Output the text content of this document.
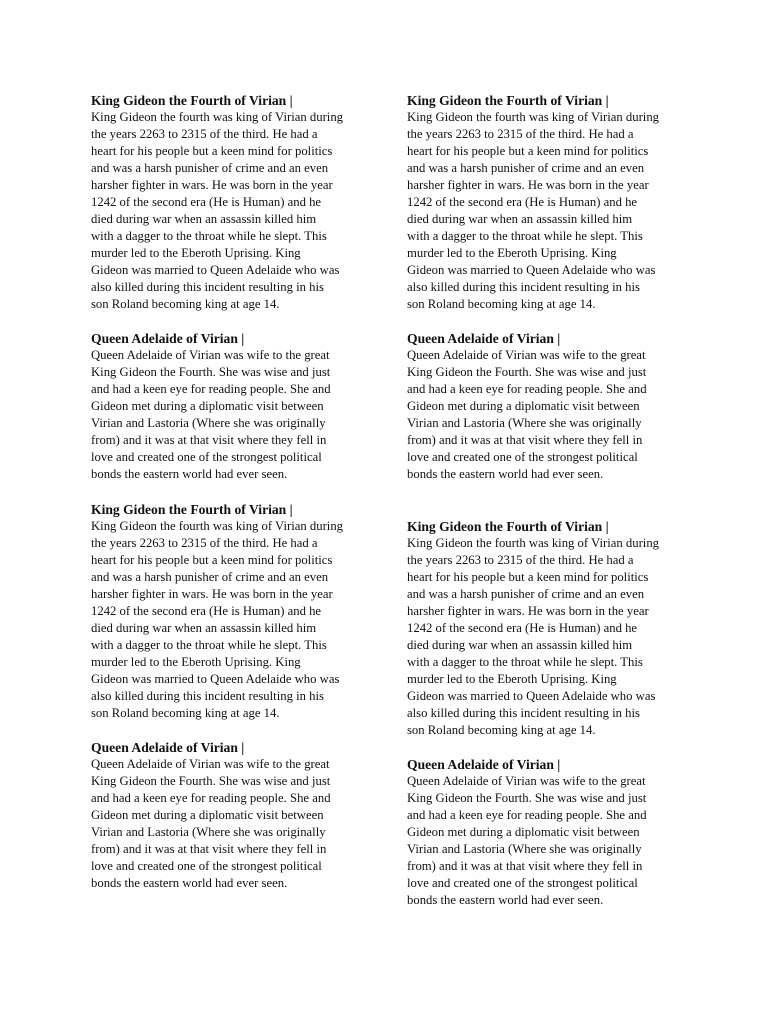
King Gideon the Fourth of Virian |

King Gideon the fourth was king of Virian during
the years 2263 to 2315 of the third. He had a
heart for his people but a keen mind for politics
and was a harsh punisher of crime and an even
harsher fighter in wars. He was born in the year
1242 of the second era (He is Human) and he
died during war when an assassin killed him
with a dagger to the throat while he slept. This
murder led to the Eberoth Uprising. King
Gideon was married to Queen Adelaide who was
also killed during this incident resulting in his
son Roland becoming king at age 14.

King Gideon the Fourth of Virian |

King Gideon the fourth was king of Virian during
the years 2263 to 2315 of the third. He had a
heart for his people but a keen mind for politics
and was a harsh punisher of crime and an even
harsher fighter in wars. He was born in the year
1242 of the second era (He is Human) and he
died during war when an assassin killed him
with a dagger to the throat while he slept. This
murder led to the Eberoth Uprising. King
Gideon was married to Queen Adelaide who was
also killed during this incident resulting in his
son Roland becoming king at age 14.

Queen Adelaide of Virian |

Queen Adelaide of Virian was wife to the great
King Gideon the Fourth. She was wise and just
and had a keen eye for reading people. She and
Gideon met during a diplomatic visit between
Virian and Lastoria (Where she was originally
from) and it was at that visit where they fell in
love and created one of the strongest political
bonds the eastern world had ever seen.

Queen Adelaide of Virian |

Queen Adelaide of Virian was wife to the great
King Gideon the Fourth. She was wise and just
and had a keen eye for reading people. She and
Gideon met during a diplomatic visit between
Virian and Lastoria (Where she was originally
from) and it was at that visit where they fell in
love and created one of the strongest political
bonds the eastern world had ever seen.

King Gideon the Fourth of Virian |

King Gideon the fourth was king of Virian during
the years 2263 to 2315 of the third. He had a
heart for his people but a keen mind for politics
and was a harsh punisher of crime and an even
harsher fighter in wars. He was born in the year
1242 of the second era (He is Human) and he
died during war when an assassin killed him
with a dagger to the throat while he slept. This
murder led to the Eberoth Uprising. King
Gideon was married to Queen Adelaide who was
also killed during this incident resulting in his
son Roland becoming king at age 14.

King Gideon the Fourth of Virian |

King Gideon the fourth was king of Virian during
the years 2263 to 2315 of the third. He had a
heart for his people but a keen mind for politics
and was a harsh punisher of crime and an even
harsher fighter in wars. He was born in the year
1242 of the second era (He is Human) and he
died during war when an assassin killed him
with a dagger to the throat while he slept. This
murder led to the Eberoth Uprising. King
Gideon was married to Queen Adelaide who was
also killed during this incident resulting in his
son Roland becoming king at age 14.

Queen Adelaide of Virian |

Queen Adelaide of Virian was wife to the great
King Gideon the Fourth. She was wise and just
and had a keen eye for reading people. She and
Gideon met during a diplomatic visit between
Virian and Lastoria (Where she was originally
from) and it was at that visit where they fell in
love and created one of the strongest political
bonds the eastern world had ever seen.

Queen Adelaide of Virian |

Queen Adelaide of Virian was wife to the great
King Gideon the Fourth. She was wise and just
and had a keen eye for reading people. She and
Gideon met during a diplomatic visit between
Virian and Lastoria (Where she was originally
from) and it was at that visit where they fell in
love and created one of the strongest political
bonds the eastern world had ever seen.
